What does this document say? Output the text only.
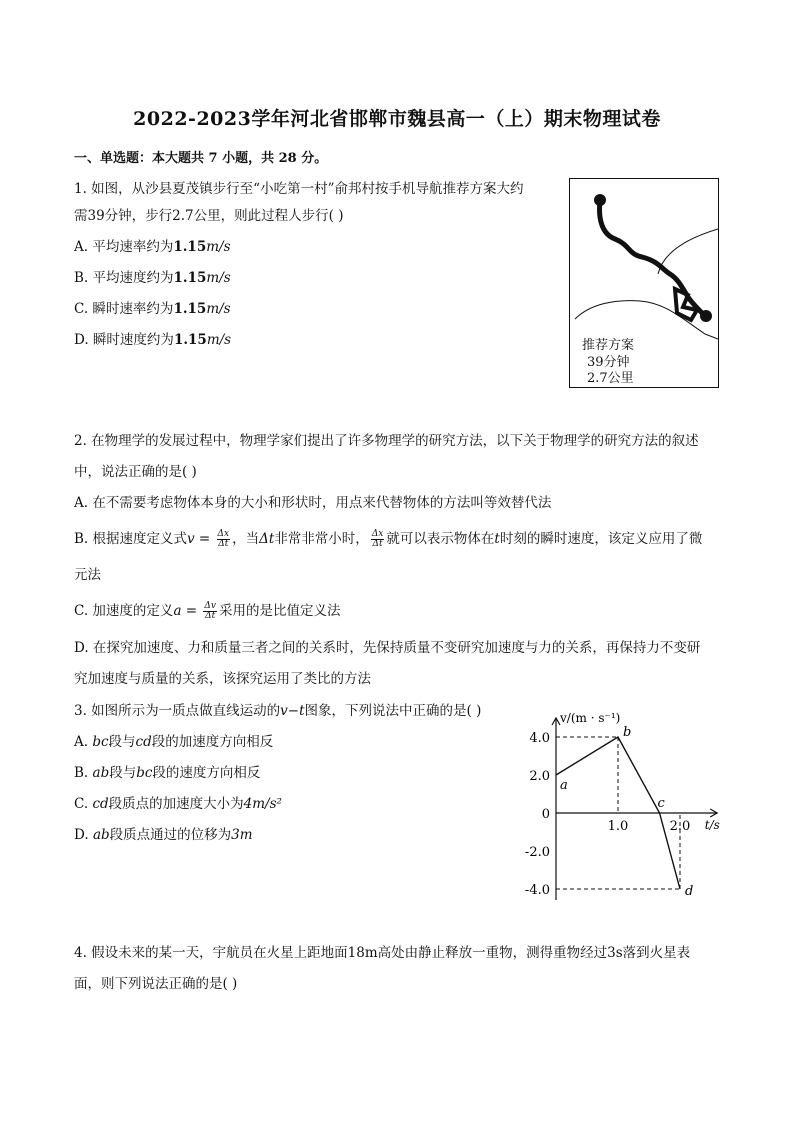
2022-2023学年河北省邯郸市魏县高一（上）期末物理试卷
一、单选题：本大题共 7 小题，共 28 分。
1. 如图，从沙县夏茂镇步行至“小吃第一村”俞邦村按手机导航推荐方案大约
需39分钟，步行2.7公里，则此过程人步行( )
A. 平均速率约为1.15m/s
B. 平均速度约为1.15m/s
C. 瞬时速率约为1.15m/s
D. 瞬时速度约为1.15m/s	推荐方案
39分钟
2.7公里
2. 在物理学的发展过程中，物理学家们提出了许多物理学的研究方法，以下关于物理学的研究方法的叙述
中，说法正确的是( )
A. 在不需要考虑物体本身的大小和形状时，用点来代替物体的方法叫等效替代法
B. 根据速度定义式$v = \frac{\Delta x}{\Delta t}$ ，当Δt非常非常小时， $\frac{\Delta x}{\Delta t}$ 就可以表示物体在t时刻的瞬时速度，该定义应用了微
元法
C. 加速度的定义$a = \frac{\Delta v}{\Delta t}$ 采用的是比值定义法
D. 在探究加速度、力和质量三者之间的关系时，先保持质量不变研究加速度与力的关系，再保持力不变研
究加速度与质量的关系，该探究运用了类比的方法
3. 如图所示为一质点做直线运动的v−t图象，下列说法中正确的是( )
A. bc段与cd段的加速度方向相反
B. ab段与bc段的速度方向相反
C. cd段质点的加速度大小为4m/s²
D. ab段质点通过的位移为3m
v/(m · s⁻¹)
t/s
4.0
2.0
0
-2.0
-4.0
1.0	2.0
a
b
c
d
4. 假设未来的某一天，宇航员在火星上距地面18m高处由静止释放一重物，测得重物经过3s落到火星表
面，则下列说法正确的是( )
